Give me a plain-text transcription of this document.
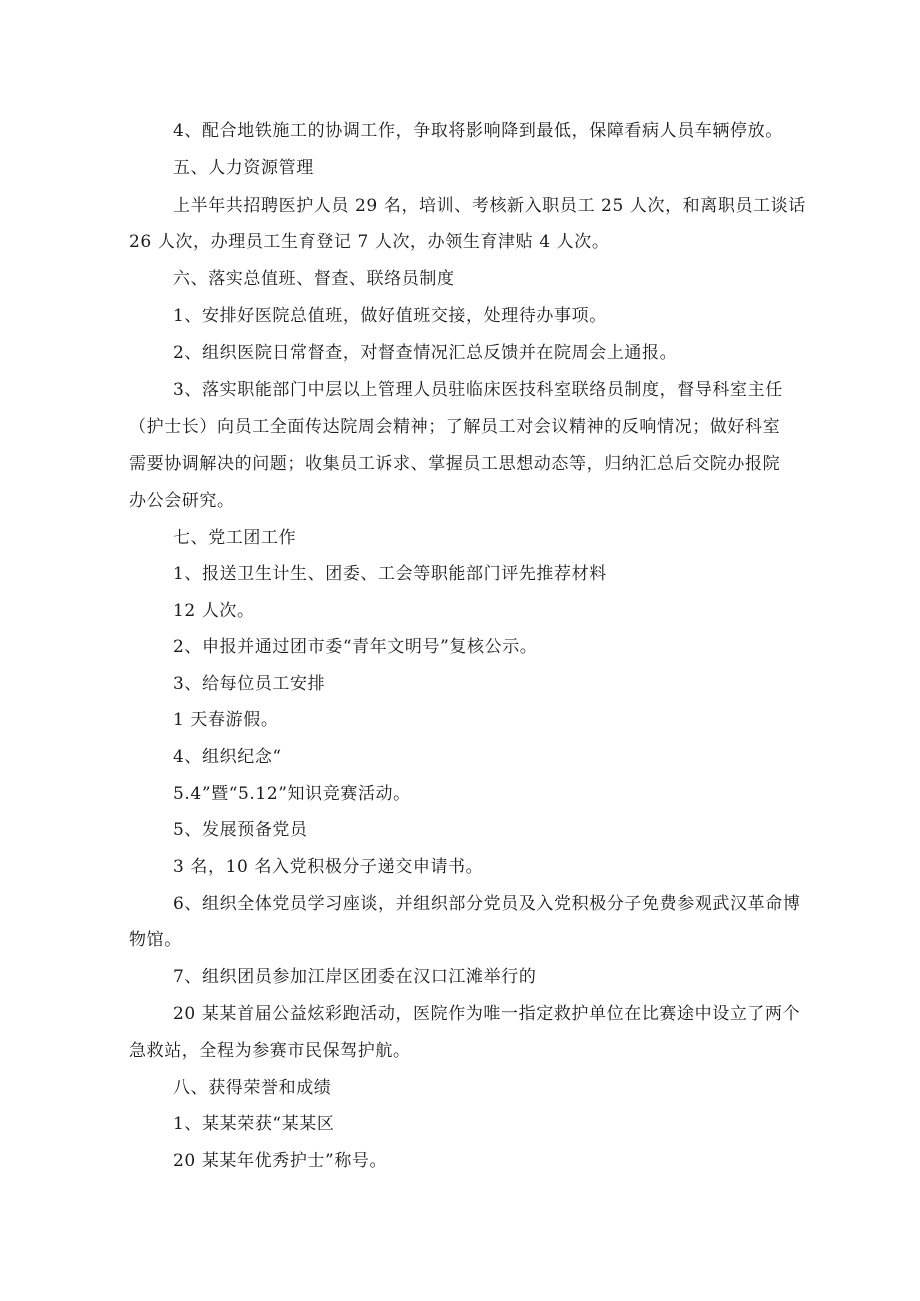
4、配合地铁施工的协调工作，争取将影响降到最低，保障看病人员车辆停放。
五、人力资源管理
上半年共招聘医护人员 29 名，培训、考核新入职员工 25 人次，和离职员工谈话
26 人次，办理员工生育登记 7 人次，办领生育津贴 4 人次。
六、落实总值班、督查、联络员制度
1、安排好医院总值班，做好值班交接，处理待办事项。
2、组织医院日常督查，对督查情况汇总反馈并在院周会上通报。
3、落实职能部门中层以上管理人员驻临床医技科室联络员制度，督导科室主任
（护士长）向员工全面传达院周会精神；了解员工对会议精神的反响情况；做好科室
需要协调解决的问题；收集员工诉求、掌握员工思想动态等，归纳汇总后交院办报院
办公会研究。
七、党工团工作
1、报送卫生计生、团委、工会等职能部门评先推荐材料
12 人次。
2、申报并通过团市委“青年文明号”复核公示。
3、给每位员工安排
1 天春游假。
4、组织纪念“
5.4”暨“5.12”知识竞赛活动。
5、发展预备党员
3 名，10 名入党积极分子递交申请书。
6、组织全体党员学习座谈，并组织部分党员及入党积极分子免费参观武汉革命博
物馆。
7、组织团员参加江岸区团委在汉口江滩举行的
20 某某首届公益炫彩跑活动，医院作为唯一指定救护单位在比赛途中设立了两个
急救站，全程为参赛市民保驾护航。
八、获得荣誉和成绩
1、某某荣获“某某区
20 某某年优秀护士”称号。
